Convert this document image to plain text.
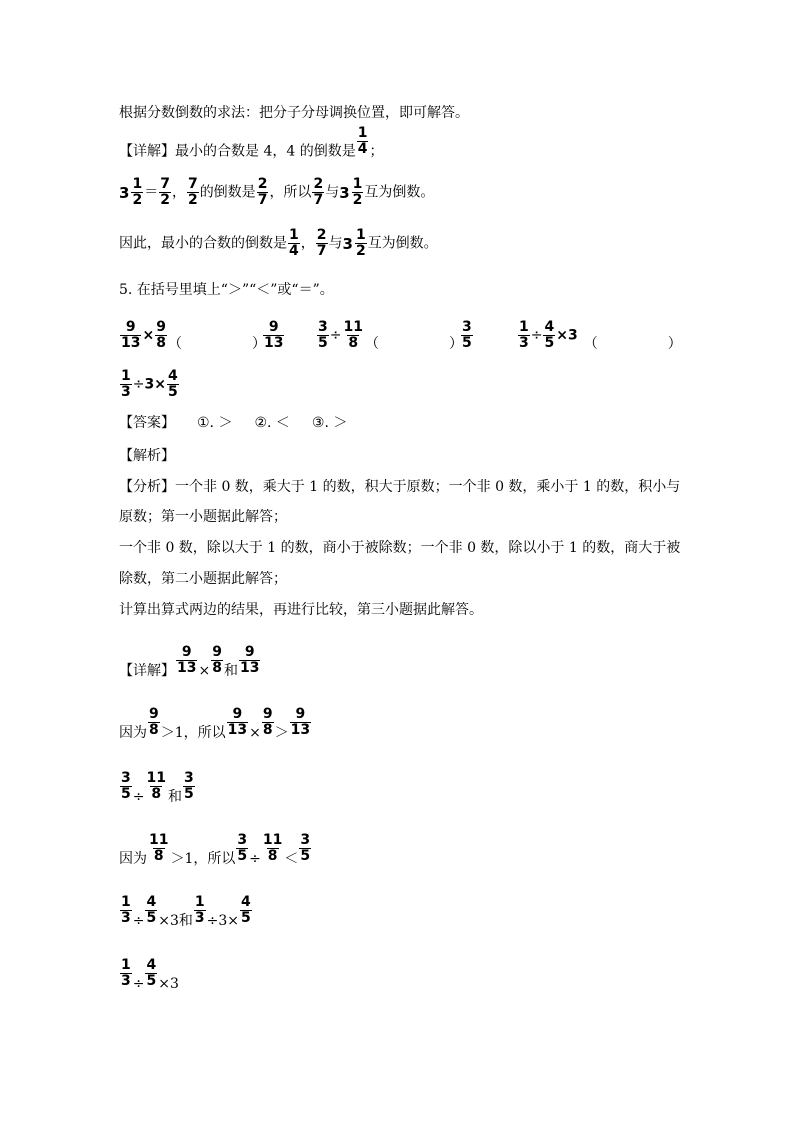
根据分数倒数的求法：把分子分母调换位置，即可解答。
【详解】最小的合数是 4，4 的倒数是 $\frac{1}{4}$ ；
3 1
$2 = \frac{7}{2}$ ， $\frac{7}{2}$ 的倒数是 $\frac{2}{7}$ ，所以 $\frac{2}{7}$ 与 3 1
2 互为倒数。
因此，最小的合数的倒数是 $\frac{1}{4}$ ， $\frac{2}{7}$ 与 3 1
2 互为倒数。
5. 在括号里填上“＞”“＜”或“＝”。
$\frac{9}{13} \times \frac{9}{8}$ （　　　　　）
$\frac{9}{13} \frac{3}{5} \div \frac{11}{8}$ （　　　　　）
$\frac{3}{5}$	$\frac{1}{3} \div \frac{4}{5} \times 3$ （　　　　　）
$\frac{1}{3} \div 3\times \frac{4}{5}$
【答案】 ①. ＞ ②. ＜ ③. ＞
【解析】
【分析】一个非 0 数，乘大于 1 的数，积大于原数；一个非 0 数，乘小于 1 的数，积小与
原数；第一小题据此解答；
一个非 0 数，除以大于 1 的数，商小于被除数；一个非 0 数，除以小于 1 的数，商大于被
除数，第二小题据此解答；
计算出算式两边的结果，再进行比较，第三小题据此解答。
【详解】 $\frac{9}{13} \times \frac{9}{8}$ 和 $\frac{9}{13}$
因为 $\frac{9}{8} >1$，所以 $\frac{9}{13} \times \frac{9}{8} > \frac{9}{13}$
$\frac{3}{5} \div \frac{11}{8}$ 和 $\frac{3}{5}$
因为 $\frac{11}{8} >1$，所以 $\frac{3}{5} \div \frac{11}{8} < \frac{3}{5}$
$\frac{1}{3} \div \frac{4}{5} \times 3$和 $\frac{1}{3} \div 3\times \frac{4}{5}$
$\frac{1}{3} \div \frac{4}{5} \times 3$
